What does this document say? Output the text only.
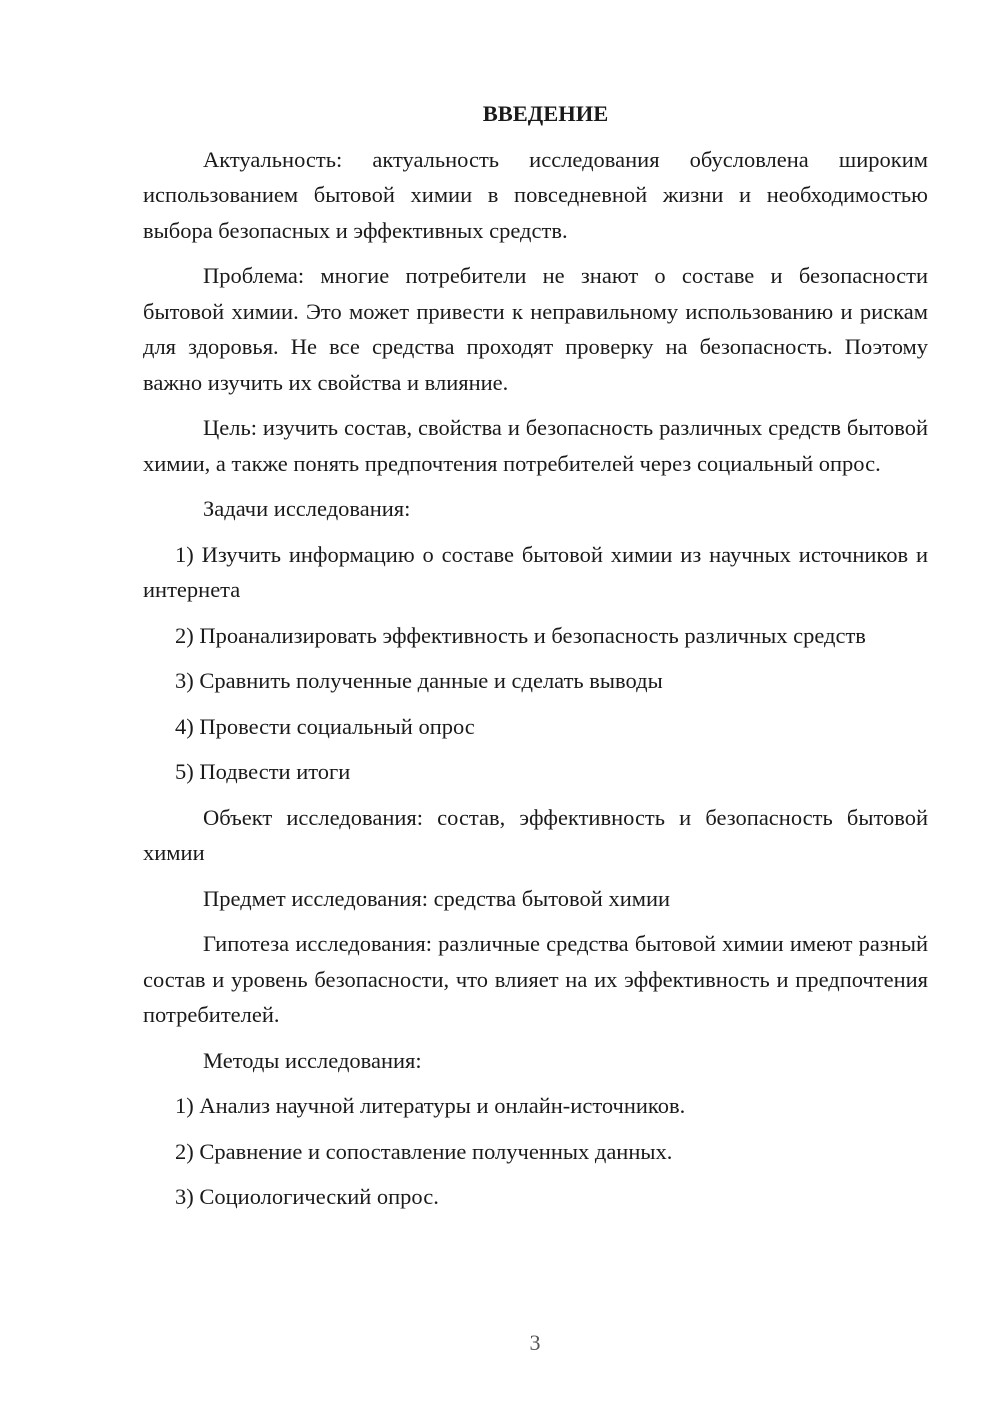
ВВЕДЕНИЕ

Актуальность: актуальность исследования обусловлена широким использованием бытовой химии в повседневной жизни и необходимостью выбора безопасных и эффективных средств.

Проблема: многие потребители не знают о составе и безопасности бытовой химии. Это может привести к неправильному использованию и рискам для здоровья. Не все средства проходят проверку на безопасность. Поэтому важно изучить их свойства и влияние.

Цель: изучить состав, свойства и безопасность различных средств бытовой химии, а также понять предпочтения потребителей через социальный опрос.

Задачи исследования:

1) Изучить информацию о составе бытовой химии из научных источников и интернета

2) Проанализировать эффективность и безопасность различных средств

3) Сравнить полученные данные и сделать выводы

4) Провести социальный опрос

5) Подвести итоги

Объект исследования: состав, эффективность и безопасность бытовой химии

Предмет исследования: средства бытовой химии

Гипотеза исследования: различные средства бытовой химии имеют разный состав и уровень безопасности, что влияет на их эффективность и предпочтения потребителей.

Методы исследования:

1) Анализ научной литературы и онлайн-источников.

2) Сравнение и сопоставление полученных данных.

3) Социологический опрос.

3
